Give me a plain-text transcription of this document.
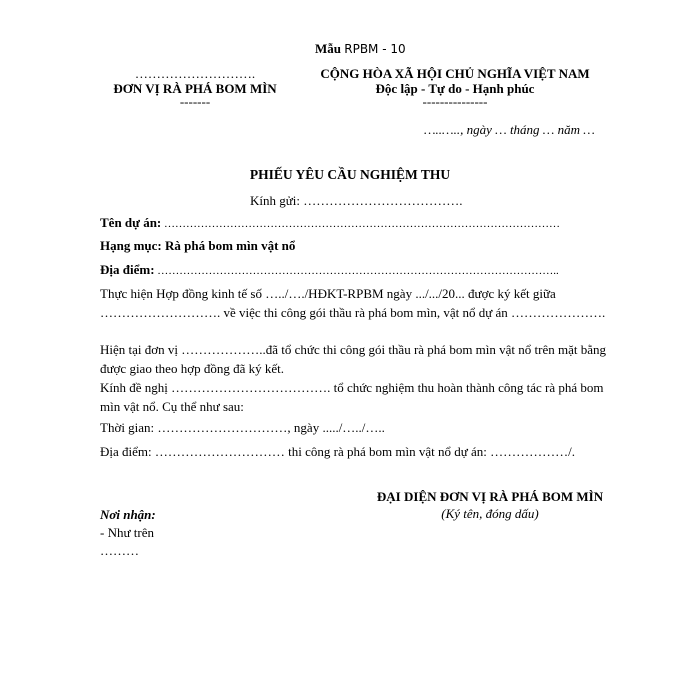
Mẫu RPBM - 10
……………………….
ĐƠN VỊ RÀ PHÁ BOM MÌN
-------
CỘNG HÒA XÃ HỘI CHỦ NGHĨA VIỆT NAM
Độc lập - Tự do - Hạnh phúc
---------------
…..….., ngày … tháng … năm …
PHIẾU YÊU CẦU NGHIỆM THU
Kính gửi: ……………………………….
Tên dự án: ………………………………………………………………………………………………
Hạng mục: Rà phá bom mìn vật nổ
Địa điểm: ………………………………………………………………………………………………..
Thực hiện Hợp đồng kinh tế số …../…./HĐKT-RPBM ngày .../.../20... được ký kết giữa ………………………. về việc thi công gói thầu rà phá bom mìn, vật nổ dự án ………………….
Hiện tại đơn vị ………………..đã tổ chức thi công gói thầu rà phá bom mìn vật nổ trên mặt bằng được giao theo hợp đồng đã ký kết.
Kính đề nghị ………………………………. tổ chức nghiệm thu hoàn thành công tác rà phá bom mìn vật nổ. Cụ thể như sau:
Thời gian: …………………………, ngày ...../…../…..
Địa điểm: ………………………… thi công rà phá bom mìn vật nổ dự án: ………………/.
ĐẠI DIỆN ĐƠN VỊ RÀ PHÁ BOM MÌN
(Ký tên, đóng dấu)
Nơi nhận:
- Như trên
………
